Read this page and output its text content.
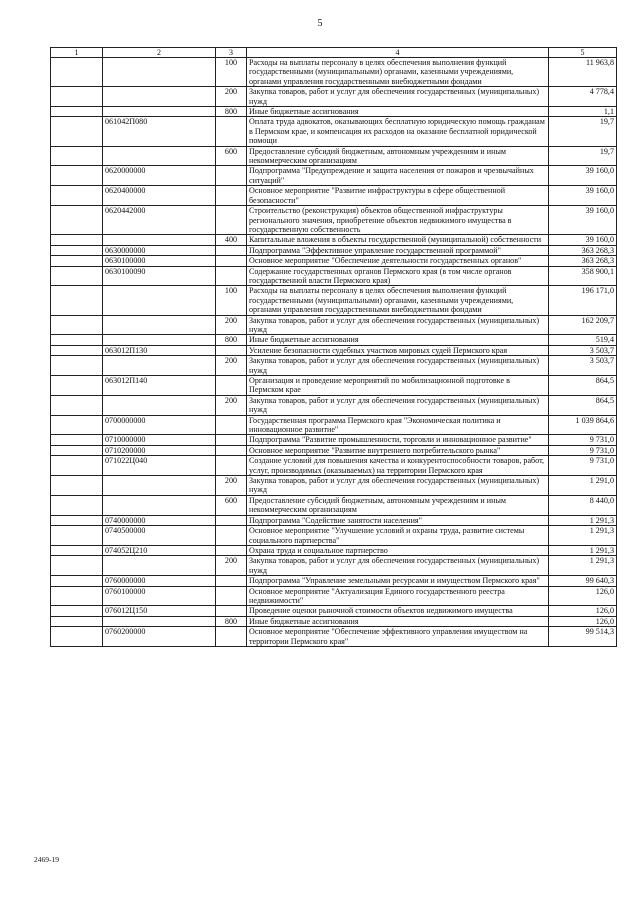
5
1	2	3	4	5
		100	Расходы на выплаты персоналу в целях обеспечения выполнения функций государственными (муниципальными) органами, казенными учреждениями, органами управления государственными внебюджетными фондами	11 963,8
		200	Закупка товаров, работ и услуг для обеспечения государственных (муниципальных) нужд	4 778,4
		800	Иные бюджетные ассигнования	1,1
	061042П080		Оплата труда адвокатов, оказывающих бесплатную юридическую помощь гражданам в Пермском крае, и компенсация их расходов на оказание бесплатной юридической помощи	19,7
		600	Предоставление субсидий бюджетным, автономным учреждениям и иным некоммерческим организациям	19,7
	0620000000		Подпрограмма "Предупреждение и защита населения от пожаров и чрезвычайных ситуаций"	39 160,0
	0620400000		Основное мероприятие "Развитие инфраструктуры в сфере общественной безопасности"	39 160,0
	0620442000		Строительство (реконструкция) объектов общественной инфраструктуры регионального значения, приобретение объектов недвижимого имущества в государственную собственность	39 160,0
		400	Капитальные вложения в объекты государственной (муниципальной) собственности	39 160,0
	0630000000		Подпрограмма "Эффективное управление государственной программой"	363 268,3
	0630100000		Основное мероприятие "Обеспечение деятельности государственных органов"	363 268,3
	0630100090		Содержание государственных органов Пермского края (в том числе органов государственной власти Пермского края)	358 900,1
		100	Расходы на выплаты персоналу в целях обеспечения выполнения функций государственными (муниципальными) органами, казенными учреждениями, органами управления государственными внебюджетными фондами	196 171,0
		200	Закупка товаров, работ и услуг для обеспечения государственных (муниципальных) нужд	162 209,7
		800	Иные бюджетные ассигнования	519,4
	063012П130		Усиление безопасности судебных участков мировых судей Пермского края	3 503,7
		200	Закупка товаров, работ и услуг для обеспечения государственных (муниципальных) нужд	3 503,7
	063012П140		Организация и проведение мероприятий по мобилизационной подготовке в Пермском крае	864,5
		200	Закупка товаров, работ и услуг для обеспечения государственных (муниципальных) нужд	864,5
	0700000000		Государственная программа Пермского края "Экономическая политика и инновационное развитие"	1 039 864,6
	0710000000		Подпрограмма "Развитие промышленности, торговли и инновационное развитие"	9 731,0
	0710200000		Основное мероприятие "Развитие внутреннего потребительского рынка"	9 731,0
	071022Ц040		Создание условий для повышения качества и конкурентоспособности товаров, работ, услуг, производимых (оказываемых) на территории Пермского края	9 731,0
		200	Закупка товаров, работ и услуг для обеспечения государственных (муниципальных) нужд	1 291,0
		600	Предоставление субсидий бюджетным, автономным учреждениям и иным некоммерческим организациям	8 440,0
	0740000000		Подпрограмма "Содействие занятости населения"	1 291,3
	0740500000		Основное мероприятие "Улучшение условий и охраны труда, развитие системы социального партнерства"	1 291,3
	074052Ц210		Охрана труда и социальное партнерство	1 291,3
		200	Закупка товаров, работ и услуг для обеспечения государственных (муниципальных) нужд	1 291,3
	0760000000		Подпрограмма "Управление земельными ресурсами и имуществом Пермского края"	99 640,3
	0760100000		Основное мероприятие "Актуализация Единого государственного реестра недвижимости"	126,0
	076012Ц150		Проведение оценки рыночной стоимости объектов недвижимого имущества	126,0
		800	Иные бюджетные ассигнования	126,0
	0760200000		Основное мероприятие "Обеспечение эффективного управления имуществом на территории Пермского края"	99 514,3
2469-19
